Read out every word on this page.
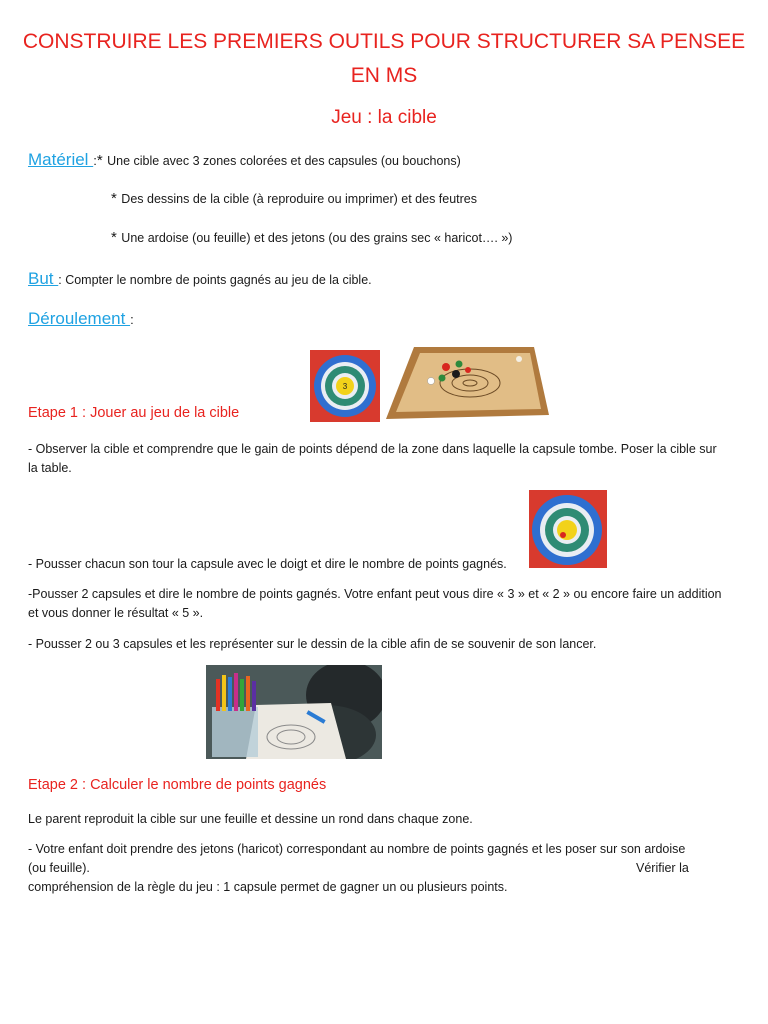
CONSTRUIRE LES PREMIERS OUTILS POUR STRUCTURER SA PENSEE
EN MS
Jeu : la cible
Matériel :* Une cible avec 3 zones colorées et des capsules (ou bouchons)
* Des dessins de la cible (à reproduire ou imprimer) et des feutres
* Une ardoise (ou feuille) et des jetons (ou des grains sec « haricot…. »)
But : Compter le nombre de points gagnés au jeu de la cible.
Déroulement :
3
Etape 1 : Jouer au jeu de la cible
- Observer la cible et comprendre que le gain de points dépend de la zone dans laquelle la capsule tombe. Poser la cible sur la table.
- Pousser chacun son tour la capsule avec le doigt et dire le nombre de points gagnés.
-Pousser 2 capsules et dire le nombre de points gagnés. Votre enfant peut vous dire « 3 » et « 2 » ou encore faire un addition et vous donner le résultat « 5 ».
- Pousser 2 ou 3 capsules et les représenter sur le dessin de la cible afin de se souvenir de son lancer.
Etape 2 : Calculer le nombre de points gagnés
Le parent reproduit la cible sur une feuille et dessine un rond dans chaque zone.
- Votre enfant doit prendre des jetons (haricot) correspondant au nombre de points gagnés et les poser sur son ardoise
(ou feuille).	Vérifier la
compréhension de la règle du jeu : 1 capsule permet de gagner un ou plusieurs points.
